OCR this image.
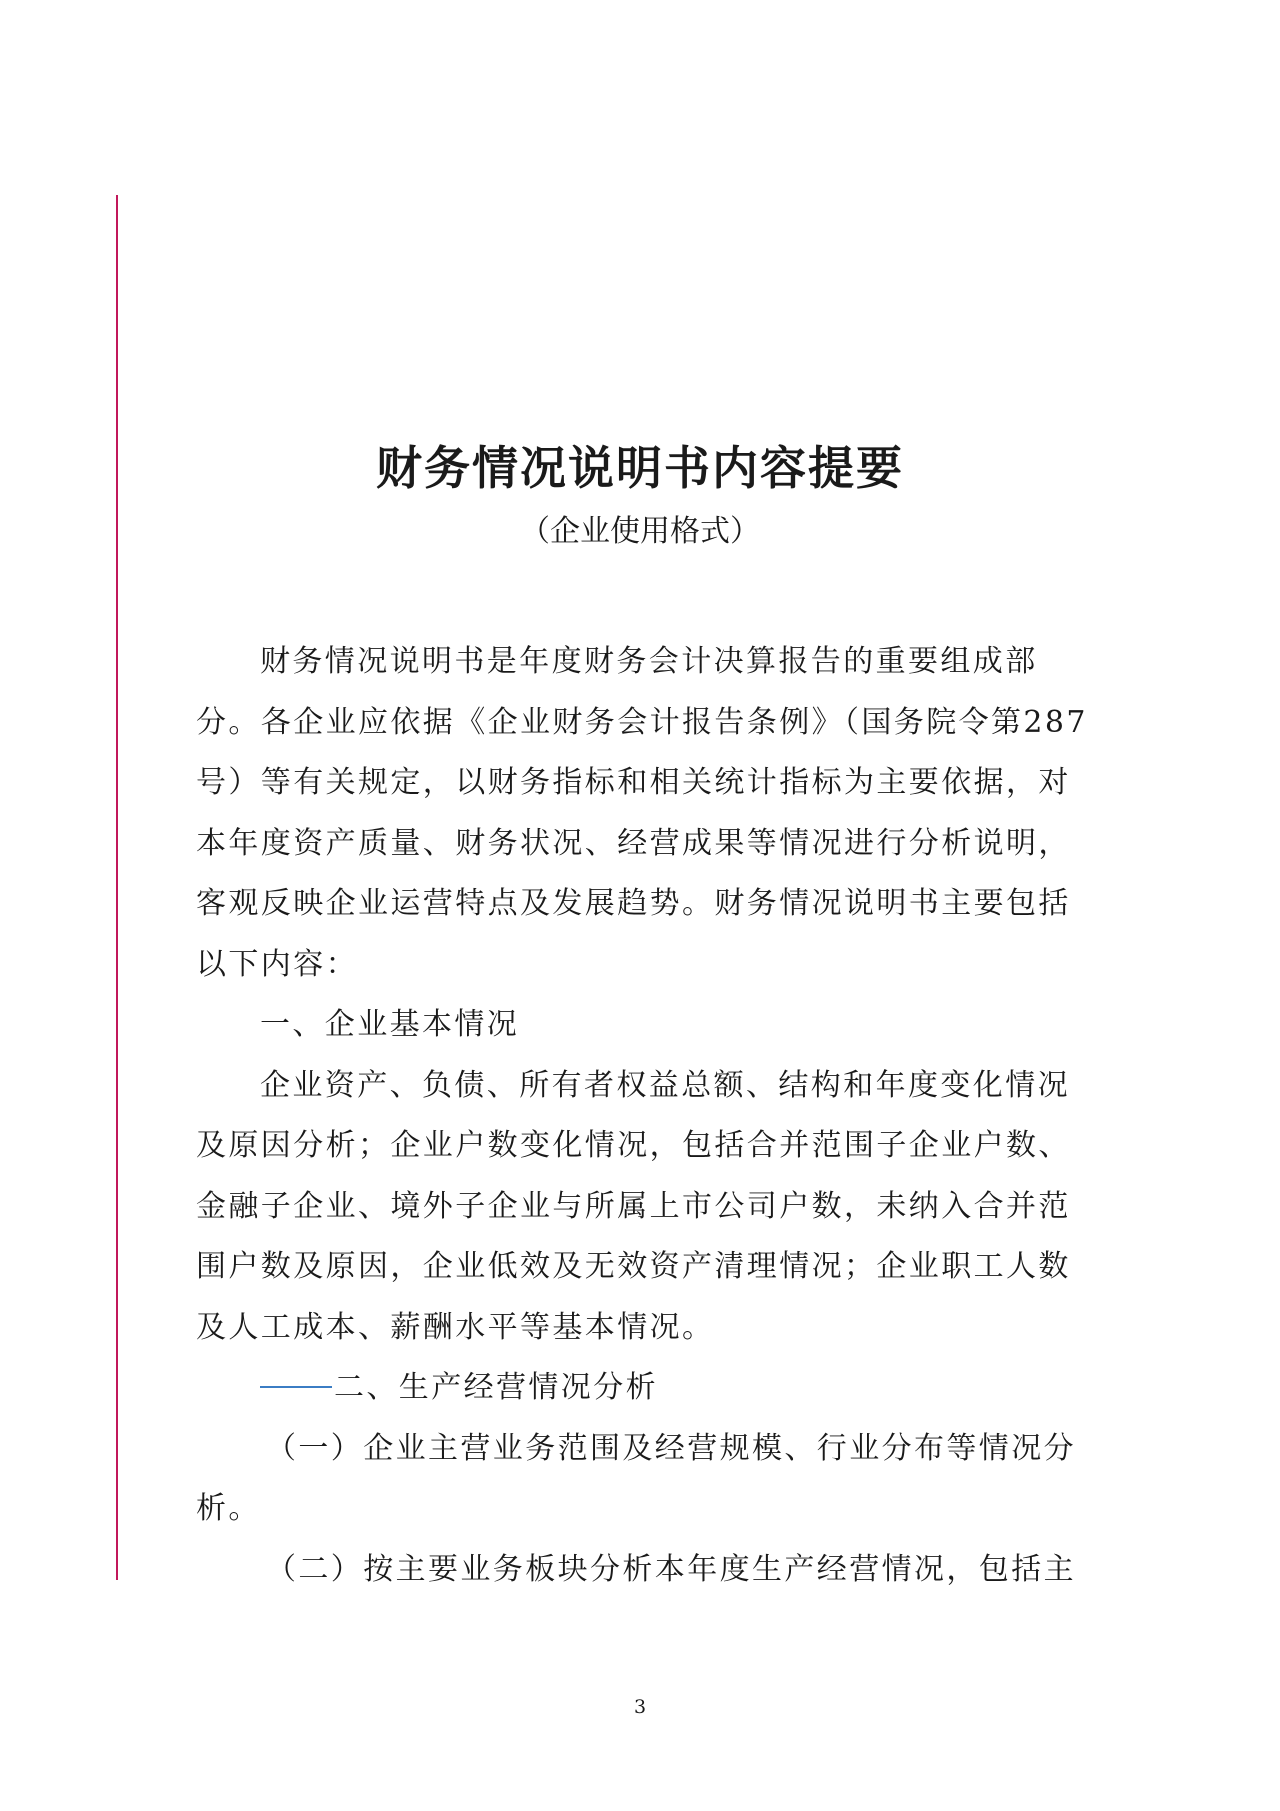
财务情况说明书内容提要

（企业使用格式）

财务情况说明书是年度财务会计决算报告的重要组成部分。各企业应依据《企业财务会计报告条例》（国务院令第287号）等有关规定，以财务指标和相关统计指标为主要依据，对本年度资产质量、财务状况、经营成果等情况进行分析说明，客观反映企业运营特点及发展趋势。财务情况说明书主要包括以下内容：

一、企业基本情况

企业资产、负债、所有者权益总额、结构和年度变化情况及原因分析；企业户数变化情况，包括合并范围子企业户数、金融子企业、境外子企业与所属上市公司户数，未纳入合并范围户数及原因，企业低效及无效资产清理情况；企业职工人数及人工成本、薪酬水平等基本情况。

二、生产经营情况分析

（一）企业主营业务范围及经营规模、行业分布等情况分析。

（二）按主要业务板块分析本年度生产经营情况，包括主

3
